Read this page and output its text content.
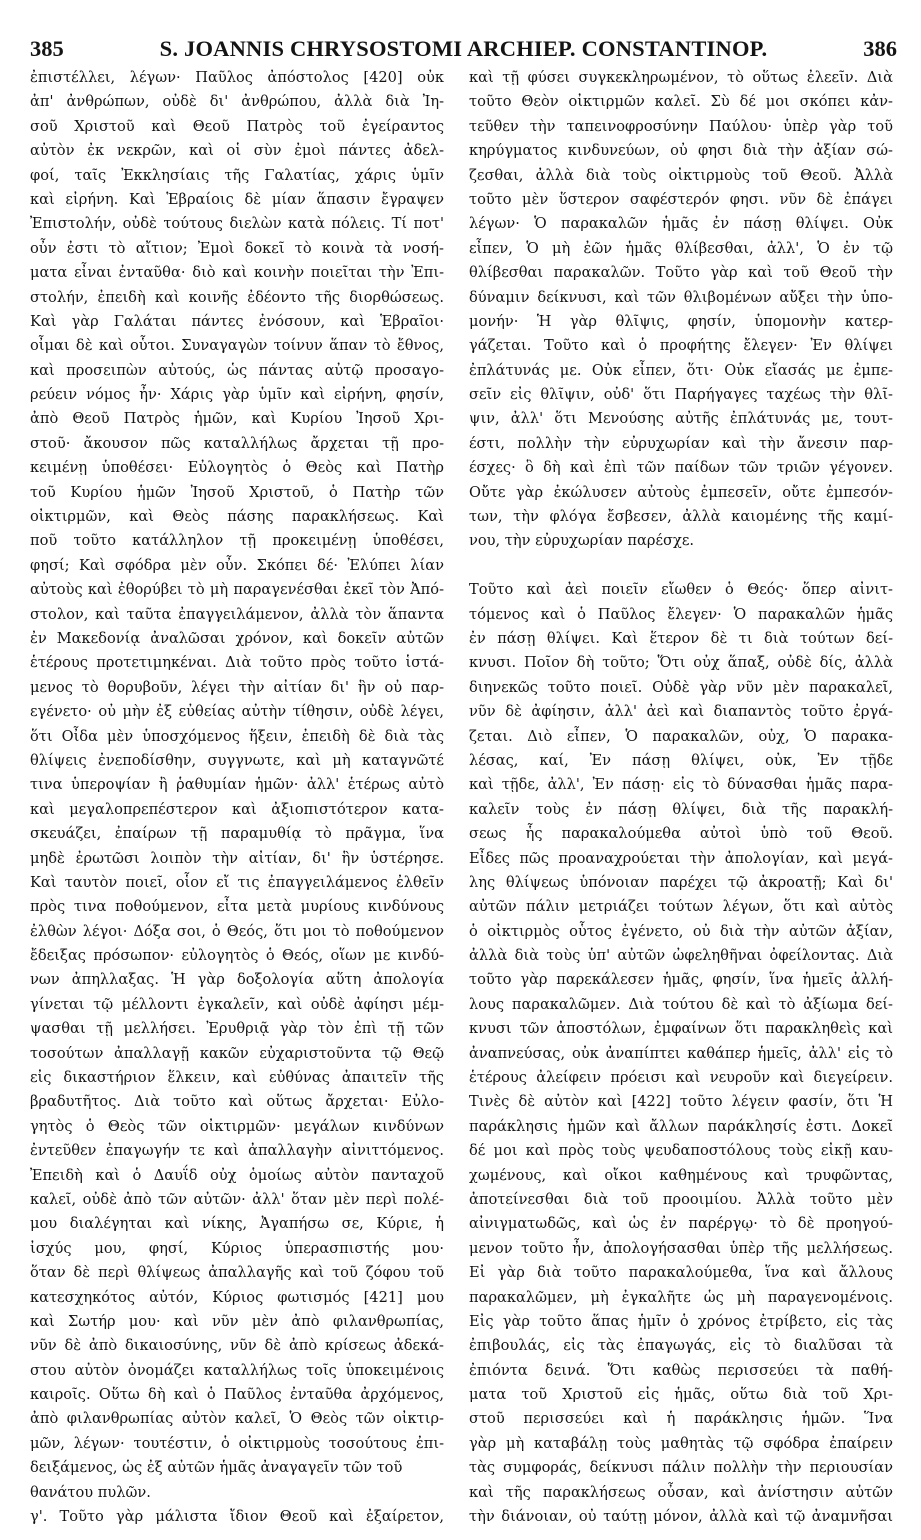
385	S. JOANNIS CHRYSOSTOMI ARCHIEP. CONSTANTINOP.	386
ἐπιστέλλει, λέγων· Παῦλος ἀπόστολος [420] οὐκ
ἀπ' ἀνθρώπων, οὐδὲ δι' ἀνθρώπου, ἀλλὰ διὰ Ἰη-
σοῦ Χριστοῦ καὶ Θεοῦ Πατρὸς τοῦ ἐγείραντος
αὐτὸν ἐκ νεκρῶν, καὶ οἱ σὺν ἐμοὶ πάντες ἀδελ-
φοί, ταῖς Ἐκκλησίαις τῆς Γαλατίας, χάρις ὑμῖν
καὶ εἰρήνη. Καὶ Ἑβραίοις δὲ μίαν ἅπασιν ἔγραψεν
Ἐπιστολήν, οὐδὲ τούτους διελὼν κατὰ πόλεις. Τί ποτ'
οὖν ἐστι τὸ αἴτιον; Ἐμοὶ δοκεῖ τὸ κοινὰ τὰ νοσή-
ματα εἶναι ἐνταῦθα· διὸ καὶ κοινὴν ποιεῖται τὴν Ἐπι-
στολήν, ἐπειδὴ καὶ κοινῆς ἐδέοντο τῆς διορθώσεως.
Καὶ γὰρ Γαλάται πάντες ἐνόσουν, καὶ Ἑβραῖοι·
οἶμαι δὲ καὶ οὗτοι. Συναγαγὼν τοίνυν ἅπαν τὸ ἔθνος,
καὶ προσειπὼν αὐτούς, ὡς πάντας αὐτῷ προσαγο-
ρεύειν νόμος ἦν· Χάρις γὰρ ὑμῖν καὶ εἰρήνη, φησίν,
ἀπὸ Θεοῦ Πατρὸς ἡμῶν, καὶ Κυρίου Ἰησοῦ Χρι-
στοῦ· ἄκουσον πῶς καταλλήλως ἄρχεται τῇ προ-
κειμένῃ ὑποθέσει· Εὐλογητὸς ὁ Θεὸς καὶ Πατὴρ
τοῦ Κυρίου ἡμῶν Ἰησοῦ Χριστοῦ, ὁ Πατὴρ τῶν
οἰκτιρμῶν, καὶ Θεὸς πάσης παρακλήσεως. Καὶ
ποῦ τοῦτο κατάλληλον τῇ προκειμένῃ ὑποθέσει,
φησί; Καὶ σφόδρα μὲν οὖν. Σκόπει δέ· Ἐλύπει λίαν
αὐτοὺς καὶ ἐθορύβει τὸ μὴ παραγενέσθαι ἐκεῖ τὸν Ἀπό-
στολον, καὶ ταῦτα ἐπαγγειλάμενον, ἀλλὰ τὸν ἅπαντα
ἐν Μακεδονίᾳ ἀναλῶσαι χρόνον, καὶ δοκεῖν αὐτῶν
ἑτέρους προτετιμηκέναι. Διὰ τοῦτο πρὸς τοῦτο ἱστά-
μενος τὸ θορυβοῦν, λέγει τὴν αἰτίαν δι' ἣν οὐ παρ-
εγένετο· οὐ μὴν ἐξ εὐθείας αὐτὴν τίθησιν, οὐδὲ λέγει,
ὅτι Οἶδα μὲν ὑποσχόμενος ἥξειν, ἐπειδὴ δὲ διὰ τὰς
θλίψεις ἐνεποδίσθην, συγγνωτε, καὶ μὴ καταγνῶτέ
τινα ὑπεροψίαν ἢ ῥαθυμίαν ἡμῶν· ἀλλ' ἑτέρως αὐτὸ
καὶ μεγαλοπρεπέστερον καὶ ἀξιοπιστότερον κατα-
σκευάζει, ἐπαίρων τῇ παραμυθίᾳ τὸ πρᾶγμα, ἵνα
μηδὲ ἐρωτῶσι λοιπὸν τὴν αἰτίαν, δι' ἣν ὑστέρησε.
Καὶ ταυτὸν ποιεῖ, οἷον εἴ τις ἐπαγγειλάμενος ἐλθεῖν
πρὸς τινα ποθούμενον, εἶτα μετὰ μυρίους κινδύνους
ἐλθὼν λέγοι· Δόξα σοι, ὁ Θεός, ὅτι μοι τὸ ποθούμενον
ἔδειξας πρόσωπον· εὐλογητὸς ὁ Θεός, οἵων με κινδύ-
νων ἀπηλλαξας. Ἡ γὰρ δοξολογία αὕτη ἀπολογία
γίνεται τῷ μέλλοντι ἐγκαλεῖν, καὶ οὐδὲ ἀφίησι μέμ-
ψασθαι τῇ μελλήσει. Ἐρυθριᾷ γὰρ τὸν ἐπὶ τῇ τῶν
τοσούτων ἀπαλλαγῇ κακῶν εὐχαριστοῦντα τῷ Θεῷ
εἰς δικαστήριον ἕλκειν, καὶ εὐθύνας ἀπαιτεῖν τῆς
βραδυτῆτος. Διὰ τοῦτο καὶ οὕτως ἄρχεται· Εὐλο-
γητὸς ὁ Θεὸς τῶν οἰκτιρμῶν· μεγάλων κινδύνων
ἐντεῦθεν ἐπαγωγήν τε καὶ ἀπαλλαγὴν αἰνιττόμενος.
Ἐπειδὴ καὶ ὁ Δαυΐδ οὐχ ὁμοίως αὐτὸν πανταχοῦ
καλεῖ, οὐδὲ ἀπὸ τῶν αὐτῶν· ἀλλ' ὅταν μὲν περὶ πολέ-
μου διαλέγηται καὶ νίκης, Ἀγαπήσω σε, Κύριε, ἡ
ἰσχύς μου, φησί, Κύριος ὑπερασπιστής μου·
ὅταν δὲ περὶ θλίψεως ἀπαλλαγῆς καὶ τοῦ ζόφου τοῦ
κατεσχηκότος αὐτόν, Κύριος φωτισμός [421] μου
καὶ Σωτήρ μου· καὶ νῦν μὲν ἀπὸ φιλανθρωπίας,
νῦν δὲ ἀπὸ δικαιοσύνης, νῦν δὲ ἀπὸ κρίσεως ἀδεκά-
στου αὐτὸν ὀνομάζει καταλλήλως τοῖς ὑποκειμένοις
καιροῖς. Οὕτω δὴ καὶ ὁ Παῦλος ἐνταῦθα ἀρχόμενος,
ἀπὸ φιλανθρωπίας αὐτὸν καλεῖ, Ὁ Θεὸς τῶν οἰκτιρ-
μῶν, λέγων· τουτέστιν, ὁ οἰκτιρμοὺς τοσούτους ἐπι-
δειξάμενος, ὡς ἐξ αὐτῶν ἡμᾶς ἀναγαγεῖν τῶν τοῦ
θανάτου πυλῶν.
γ'. Τοῦτο γὰρ μάλιστα ἴδιον Θεοῦ καὶ ἐξαίρετον,
καὶ τῇ φύσει συγκεκληρωμένον, τὸ οὕτως ἐλεεῖν. Διὰ
τοῦτο Θεὸν οἰκτιρμῶν καλεῖ. Σὺ δέ μοι σκόπει κἀν-
τεῦθεν τὴν ταπεινοφροσύνην Παύλου· ὑπὲρ γὰρ τοῦ
κηρύγματος κινδυνεύων, οὐ φησι διὰ τὴν ἀξίαν σώ-
ζεσθαι, ἀλλὰ διὰ τοὺς οἰκτιρμοὺς τοῦ Θεοῦ. Ἀλλὰ
τοῦτο μὲν ὕστερον σαφέστερόν φησι. νῦν δὲ ἐπάγει
λέγων· Ὁ παρακαλῶν ἡμᾶς ἐν πάσῃ θλίψει. Οὐκ
εἶπεν, Ὁ μὴ ἐῶν ἡμᾶς θλίβεσθαι, ἀλλ', Ὁ ἐν τῷ
θλίβεσθαι παρακαλῶν. Τοῦτο γὰρ καὶ τοῦ Θεοῦ τὴν
δύναμιν δείκνυσι, καὶ τῶν θλιβομένων αὔξει τὴν ὑπο-
μονήν· Ἡ γὰρ θλῖψις, φησίν, ὑπομονὴν κατερ-
γάζεται. Τοῦτο καὶ ὁ προφήτης ἔλεγεν· Ἐν θλίψει
ἐπλάτυνάς με. Οὐκ εἶπεν, ὅτι· Οὐκ εἴασάς με ἐμπε-
σεῖν εἰς θλῖψιν, οὐδ' ὅτι Παρήγαγες ταχέως τὴν θλῖ-
ψιν, ἀλλ' ὅτι Μενούσης αὐτῆς ἐπλάτυνάς με, τουτ-
έστι, πολλὴν τὴν εὐρυχωρίαν καὶ τὴν ἄνεσιν παρ-
έσχες· ὃ δὴ καὶ ἐπὶ τῶν παίδων τῶν τριῶν γέγονεν.
Οὔτε γὰρ ἐκώλυσεν αὐτοὺς ἐμπεσεῖν, οὔτε ἐμπεσόν-
των, τὴν φλόγα ἔσβεσεν, ἀλλὰ καιομένης τῆς καμί-
νου, τὴν εὐρυχωρίαν παρέσχε.
Τοῦτο καὶ ἀεὶ ποιεῖν εἴωθεν ὁ Θεός· ὅπερ αἰνιτ-
τόμενος καὶ ὁ Παῦλος ἔλεγεν· Ὁ παρακαλῶν ἡμᾶς
ἐν πάσῃ θλίψει. Καὶ ἕτερον δὲ τι διὰ τούτων δεί-
κνυσι. Ποῖον δὴ τοῦτο; Ὅτι οὐχ ἅπαξ, οὐδὲ δίς, ἀλλὰ
διηνεκῶς τοῦτο ποιεῖ. Οὐδὲ γὰρ νῦν μὲν παρακαλεῖ,
νῦν δὲ ἀφίησιν, ἀλλ' ἀεὶ καὶ διαπαντὸς τοῦτο ἐργά-
ζεται. Διὸ εἶπεν, Ὁ παρακαλῶν, οὐχ, Ὁ παρακα-
λέσας, καί, Ἐν πάσῃ θλίψει, οὐκ, Ἐν τῇδε
καὶ τῇδε, ἀλλ', Ἐν πάσῃ· εἰς τὸ δύνασθαι ἡμᾶς παρα-
καλεῖν τοὺς ἐν πάσῃ θλίψει, διὰ τῆς παρακλή-
σεως ἧς παρακαλούμεθα αὐτοὶ ὑπὸ τοῦ Θεοῦ.
Εἶδες πῶς προαναχρούεται τὴν ἀπολογίαν, καὶ μεγά-
λης θλίψεως ὑπόνοιαν παρέχει τῷ ἀκροατῇ; Καὶ δι'
αὐτῶν πάλιν μετριάζει τούτων λέγων, ὅτι καὶ αὐτὸς
ὁ οἰκτιρμὸς οὗτος ἐγένετο, οὐ διὰ τὴν αὐτῶν ἀξίαν,
ἀλλὰ διὰ τοὺς ὑπ' αὐτῶν ὠφεληθῆναι ὀφείλοντας. Διὰ
τοῦτο γὰρ παρεκάλεσεν ἡμᾶς, φησίν, ἵνα ἡμεῖς ἀλλή-
λους παρακαλῶμεν. Διὰ τούτου δὲ καὶ τὸ ἀξίωμα δεί-
κνυσι τῶν ἀποστόλων, ἐμφαίνων ὅτι παρακληθεὶς καὶ
ἀναπνεύσας, οὐκ ἀναπίπτει καθάπερ ἡμεῖς, ἀλλ' εἰς τὸ
ἑτέρους ἀλείφειν πρόεισι καὶ νευροῦν καὶ διεγείρειν.
Τινὲς δὲ αὐτὸν καὶ [422] τοῦτο λέγειν φασίν, ὅτι Ἡ
παράκλησις ἡμῶν καὶ ἄλλων παράκλησίς ἐστι. Δοκεῖ
δέ μοι καὶ πρὸς τοὺς ψευδαποστόλους τοὺς εἰκῇ καυ-
χωμένους, καὶ οἴκοι καθημένους καὶ τρυφῶντας,
ἀποτείνεσθαι διὰ τοῦ προοιμίου. Ἀλλὰ τοῦτο μὲν
αἰνιγματωδῶς, καὶ ὡς ἐν παρέργῳ· τὸ δὲ προηγού-
μενον τοῦτο ἦν, ἀπολογήσασθαι ὑπὲρ τῆς μελλήσεως.
Εἰ γὰρ διὰ τοῦτο παρακαλούμεθα, ἵνα καὶ ἄλλους
παρακαλῶμεν, μὴ ἐγκαλῆτε ὡς μὴ παραγενομένοις.
Εἰς γὰρ τοῦτο ἅπας ἡμῖν ὁ χρόνος ἐτρίβετο, εἰς τὰς
ἐπιβουλάς, εἰς τὰς ἐπαγωγάς, εἰς τὸ διαλῦσαι τὰ
ἐπιόντα δεινά. Ὅτι καθὼς περισσεύει τὰ παθή-
ματα τοῦ Χριστοῦ εἰς ἡμᾶς, οὕτω διὰ τοῦ Χρι-
στοῦ περισσεύει καὶ ἡ παράκλησις ἡμῶν. Ἵνα
γὰρ μὴ καταβάλῃ τοὺς μαθητὰς τῷ σφόδρα ἐπαίρειν
τὰς συμφοράς, δείκνυσι πάλιν πολλὴν τὴν περιουσίαν
καὶ τῆς παρακλήσεως οὖσαν, καὶ ἀνίστησιν αὐτῶν
τὴν διάνοιαν, οὐ ταύτῃ μόνον, ἀλλὰ καὶ τῷ ἀναμνῆσαι
